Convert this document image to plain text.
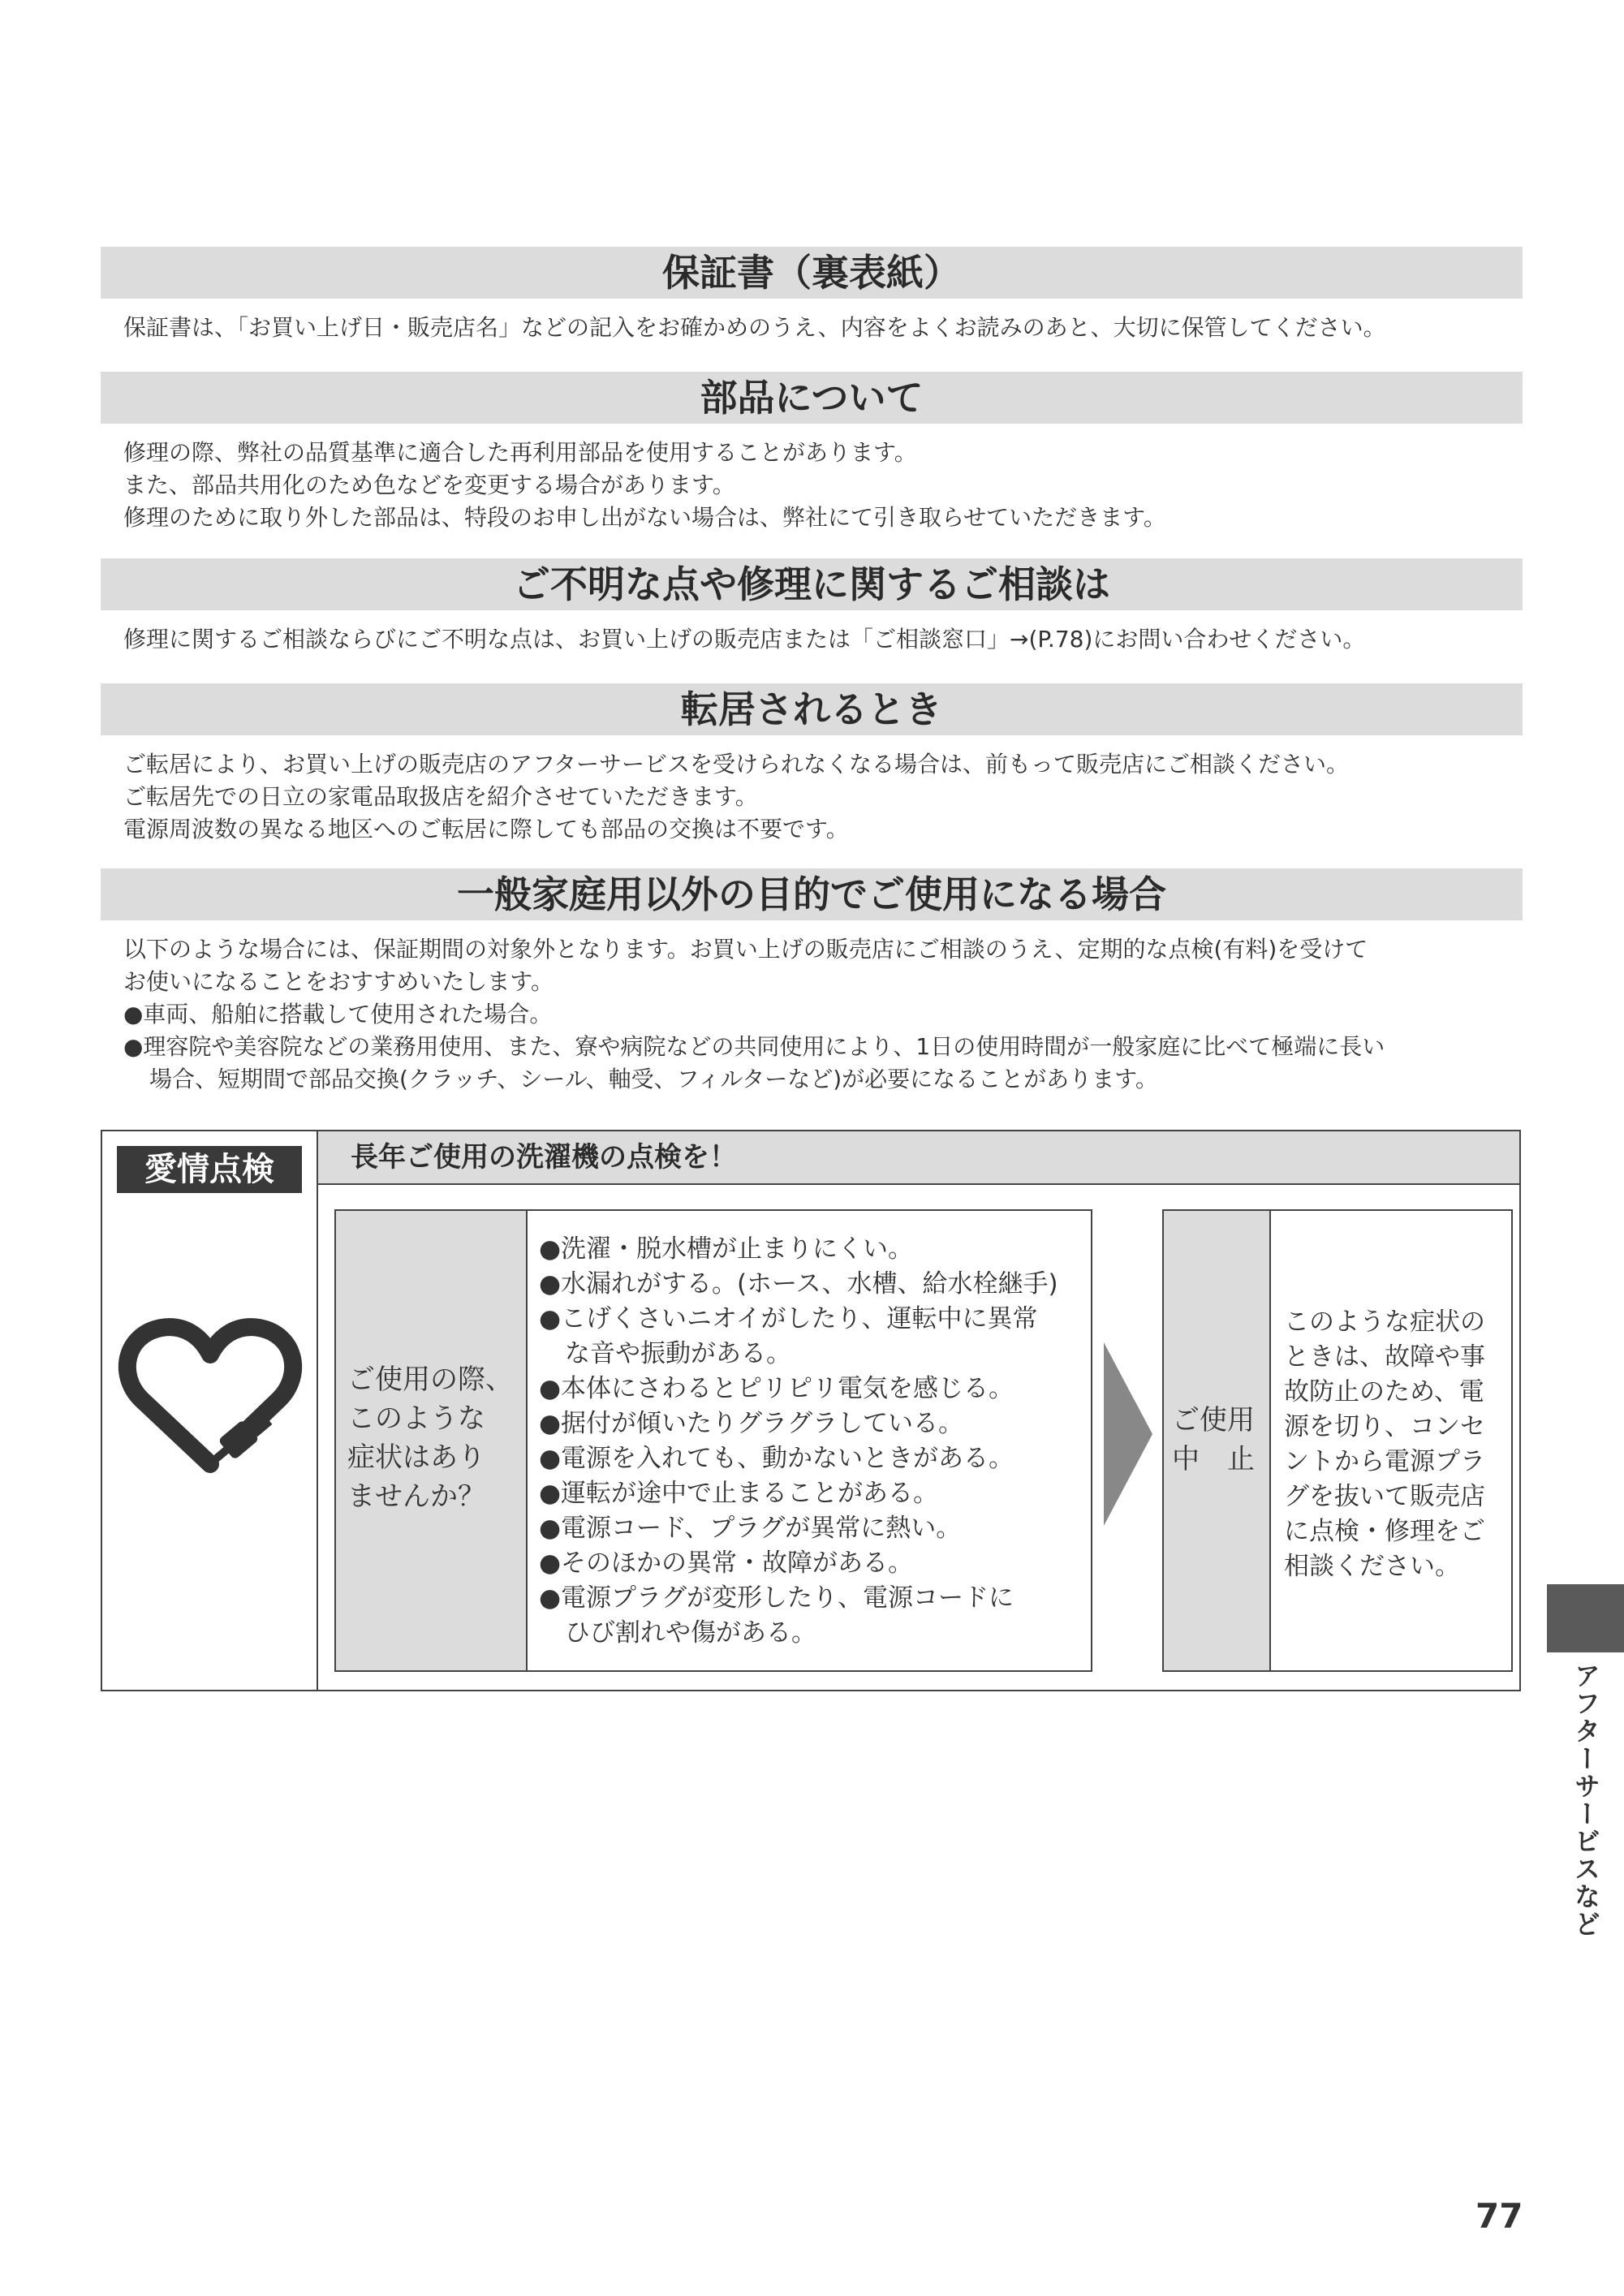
保証書（裏表紙）
保証書は、「お買い上げ日・販売店名」などの記入をお確かめのうえ、内容をよくお読みのあと、大切に保管してください。
部品について
修理の際、弊社の品質基準に適合した再利用部品を使用することがあります。
また、部品共用化のため色などを変更する場合があります。
修理のために取り外した部品は、特段のお申し出がない場合は、弊社にて引き取らせていただきます。
ご不明な点や修理に関するご相談は
修理に関するご相談ならびにご不明な点は、お買い上げの販売店または「ご相談窓口」→(P.78)にお問い合わせください。
転居されるとき
ご転居により、お買い上げの販売店のアフターサービスを受けられなくなる場合は、前もって販売店にご相談ください。
ご転居先での日立の家電品取扱店を紹介させていただきます。
電源周波数の異なる地区へのご転居に際しても部品の交換は不要です。
一般家庭用以外の目的でご使用になる場合
以下のような場合には、保証期間の対象外となります。お買い上げの販売店にご相談のうえ、定期的な点検(有料)を受けて
お使いになることをおすすめいたします。
●車両、船舶に搭載して使用された場合。
●理容院や美容院などの業務用使用、また、寮や病院などの共同使用により、1日の使用時間が一般家庭に比べて極端に長い
場合、短期間で部品交換(クラッチ、シール、軸受、フィルターなど)が必要になることがあります。
愛情点検	長年ご使用の洗濯機の点検を！
ご使用の際、
このような
症状はあり
ませんか？
●洗濯・脱水槽が止まりにくい。
●水漏れがする。(ホース、水槽、給水栓継手)
●こげくさいニオイがしたり、運転中に異常
な音や振動がある。
●本体にさわるとピリピリ電気を感じる。
●据付が傾いたりグラグラしている。
●電源を入れても、動かないときがある。
●運転が途中で止まることがある。
●電源コード、プラグが異常に熱い。
●そのほかの異常・故障がある。
●電源プラグが変形したり、電源コードに
ひび割れや傷がある。
ご使用
中　止
このような症状の
ときは、故障や事
故防止のため、電
源を切り、コンセ
ントから電源プラ
グを抜いて販売店
に点検・修理をご
相談ください。
アフターサービスなど
77
